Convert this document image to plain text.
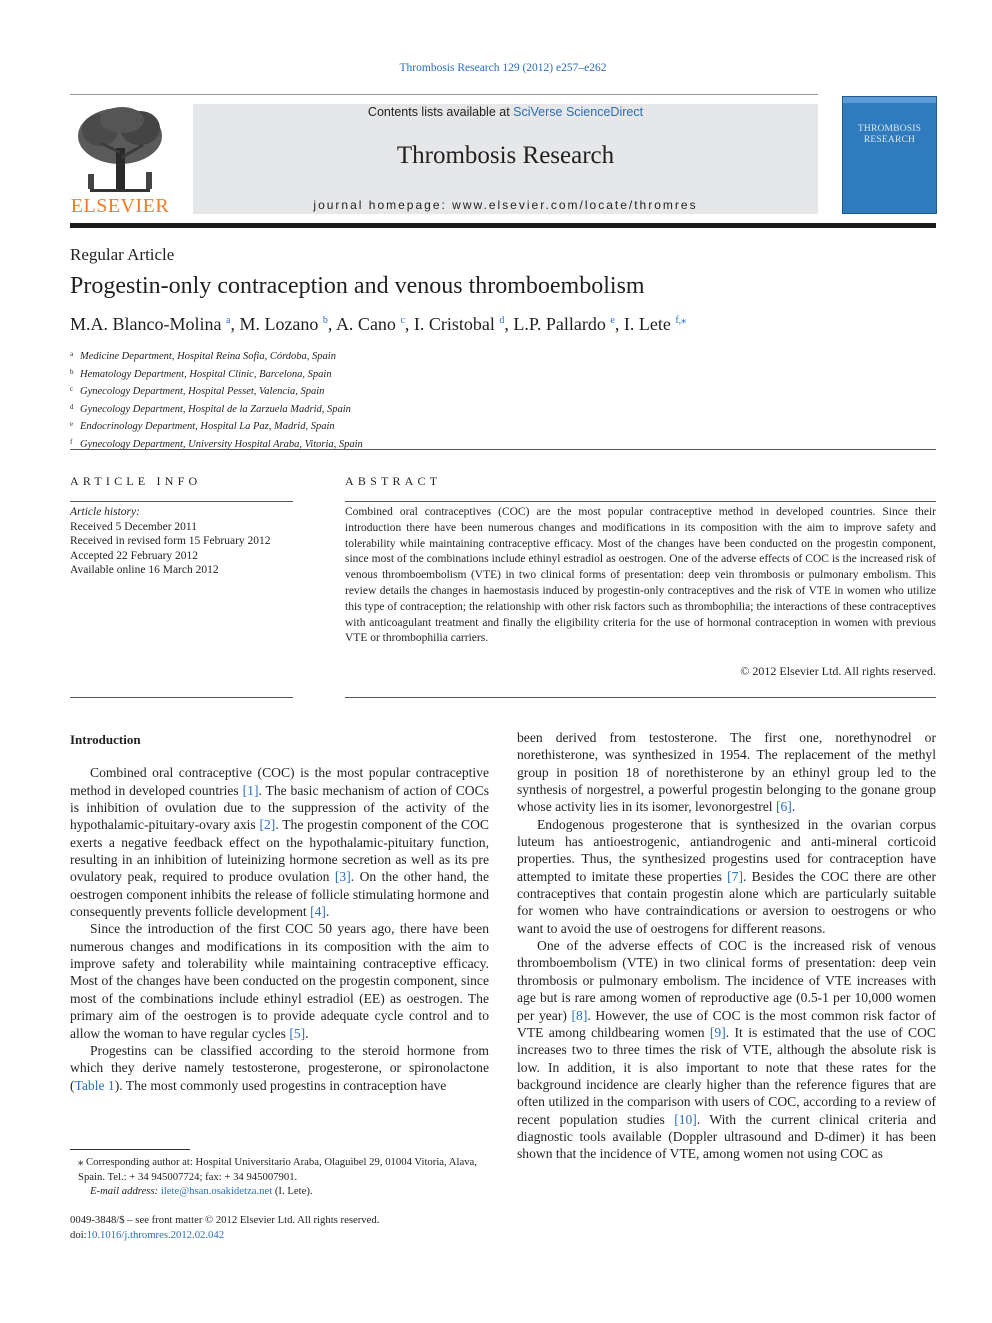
Thrombosis Research 129 (2012) e257–e262
ELSEVIER
Contents lists available at SciVerse ScienceDirect
Thrombosis Research
journal homepage: www.elsevier.com/locate/thromres
THROMBOSIS
RESEARCH
Regular Article
Progestin-only contraception and venous thromboembolism
M.A. Blanco-Molina $^a$, M. Lozano $^b$, A. Cano $^c$, I. Cristobal $^d$, L.P. Pallardo $^e$, I. Lete $^{f,⁎}$
a Medicine Department, Hospital Reina Sofia, Córdoba, Spain
b Hematology Department, Hospital Clinic, Barcelona, Spain
c Gynecology Department, Hospital Pesset, Valencia, Spain
d Gynecology Department, Hospital de la Zarzuela Madrid, Spain
e Endocrinology Department, Hospital La Paz, Madrid, Spain
f Gynecology Department, University Hospital Araba, Vitoria, Spain
ARTICLE INFO	ABSTRACT
Article history:
Received 5 December 2011
Received in revised form 15 February 2012
Accepted 22 February 2012
Available online 16 March 2012
Combined oral contraceptives (COC) are the most popular contraceptive method in developed countries. Since their introduction there have been numerous changes and modifications in its composition with the aim to improve safety and tolerability while maintaining contraceptive efficacy. Most of the changes have been conducted on the progestin component, since most of the combinations include ethinyl estradiol as oestrogen. One of the adverse effects of COC is the increased risk of venous thromboembolism (VTE) in two clinical forms of presentation: deep vein thrombosis or pulmonary embolism. This review details the changes in haemostasis induced by progestin-only contraceptives and the risk of VTE in women who utilize this type of contraception; the relationship with other risk factors such as thrombophilia; the interactions of these contraceptives with anticoagulant treatment and finally the eligibility criteria for the use of hormonal contraception in women with previous VTE or thrombophilia carriers.
© 2012 Elsevier Ltd. All rights reserved.

Introduction

Combined oral contraceptive (COC) is the most popular contraceptive method in developed countries [1]. The basic mechanism of action of COCs is inhibition of ovulation due to the suppression of the activity of the hypothalamic-pituitary-ovary axis [2]. The progestin component of the COC exerts a negative feedback effect on the hypothalamic-pituitary function, resulting in an inhibition of luteinizing hormone secretion as well as its pre ovulatory peak, required to produce ovulation [3]. On the other hand, the oestrogen component inhibits the release of follicle stimulating hormone and consequently prevents follicle development [4].

Since the introduction of the first COC 50 years ago, there have been numerous changes and modifications in its composition with the aim to improve safety and tolerability while maintaining contraceptive efficacy. Most of the changes have been conducted on the progestin component, since most of the combinations include ethinyl estradiol (EE) as oestrogen. The primary aim of the oestrogen is to provide adequate cycle control and to allow the woman to have regular cycles [5].

Progestins can be classified according to the steroid hormone from which they derive namely testosterone, progesterone, or spironolactone (Table 1). The most commonly used progestins in contraception have

been derived from testosterone. The first one, norethynodrel or norethisterone, was synthesized in 1954. The replacement of the methyl group in position 18 of norethisterone by an ethinyl group led to the synthesis of norgestrel, a powerful progestin belonging to the gonane group whose activity lies in its isomer, levonorgestrel [6].

Endogenous progesterone that is synthesized in the ovarian corpus luteum has antioestrogenic, antiandrogenic and anti-mineral corticoid properties. Thus, the synthesized progestins used for contraception have attempted to imitate these properties [7]. Besides the COC there are other contraceptives that contain progestin alone which are particularly suitable for women who have contraindications or aversion to oestrogens or who want to avoid the use of oestrogens for different reasons.

One of the adverse effects of COC is the increased risk of venous thromboembolism (VTE) in two clinical forms of presentation: deep vein thrombosis or pulmonary embolism. The incidence of VTE increases with age but is rare among women of reproductive age (0.5-1 per 10,000 women per year) [8]. However, the use of COC is the most common risk factor of VTE among childbearing women [9]. It is estimated that the use of COC increases two to three times the risk of VTE, although the absolute risk is low. In addition, it is also important to note that these rates for the background incidence are clearly higher than the reference figures that are often utilized in the comparison with users of COC, according to a review of recent population studies [10]. With the current clinical criteria and diagnostic tools available (Doppler ultrasound and D-dimer) it has been shown that the incidence of VTE, among women not using COC as

⁎ Corresponding author at: Hospital Universitario Araba, Olaguibel 29, 01004 Vitoria, Alava, Spain. Tel.: + 34 945007724; fax: + 34 945007901.
E-mail address: ilete@hsan.osakidetza.net (I. Lete).
0049-3848/$ – see front matter © 2012 Elsevier Ltd. All rights reserved.
doi:10.1016/j.thromres.2012.02.042
